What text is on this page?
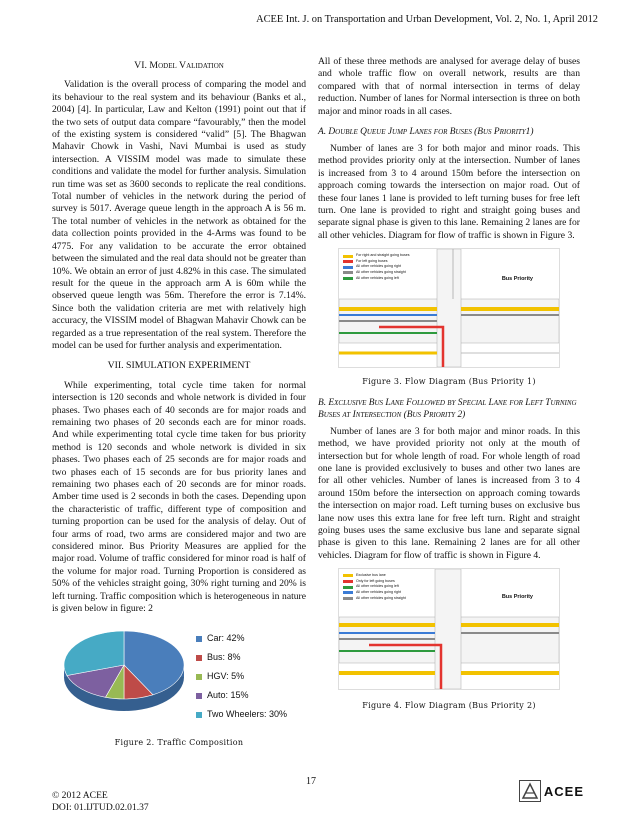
ACEE Int. J. on Transportation and Urban Development, Vol. 2, No. 1, April 2012
VI. Model Validation

Validation is the overall process of comparing the model and its behaviour to the real system and its behaviour (Banks et al., 2004) [4]. In particular, Law and Kelton (1991) point out that if the two sets of output data compare “favourably,” then the model of the existing system is considered “valid” [5]. The Bhagwan Mahavir Chowk in Vashi, Navi Mumbai is used as study intersection. A VISSIM model was made to simulate these conditions and validate the model for further analysis. Simulation run time was set as 3600 seconds to replicate the real conditions. Total number of vehicles in the network during the period of survey is 5017. Average queue length in the approach A is 56 m. The total number of vehicles in the network as obtained for the data collection points provided in the 4-Arms was found to be 4775. For any validation to be accurate the error obtained between the simulated and the real data should not be greater than 10%. We obtain an error of just 4.82% in this case. The simulated result for the queue in the approach arm A is 60m while the observed queue length was 56m. Therefore the error is 7.14%. Since both the validation criteria are met with relatively high accuracy, the VISSIM model of Bhagwan Mahavir Chowk can be regarded as a true representation of the real system. Therefore the model can be used for further analysis and experimentation.

VII. SIMULATION EXPERIMENT

While experimenting, total cycle time taken for normal intersection is 120 seconds and whole network is divided in four phases. Two phases each of 40 seconds are for major roads and remaining two phases of 20 seconds each are for minor roads. And while experimenting total cycle time taken for bus priority method is 120 seconds and whole network is divided in six phases. Two phases each of 25 seconds are for major roads and two phases each of 15 seconds are for bus priority lanes and remaining two phases each of 20 seconds are for minor roads. Amber time used is 2 seconds in both the cases. Depending upon the characteristic of traffic, different type of composition and turning proportion can be used for the analysis of delay. Out of four arms of road, two arms are considered major and two are considered minor. Bus Priority Measures are applied for the major road. Volume of traffic considered for minor road is half of the volume for major road. Turning Proportion is considered as 50% of the vehicles straight going, 30% right turning and 20% is left turning. Traffic composition which is heterogeneous in nature is given below in figure: 2

Car: 42%
Bus: 8%
HGV: 5%
Auto: 15%
Two Wheelers: 30%
Figure 2. Traffic Composition

All of these three methods are analysed for average delay of buses and whole traffic flow on overall network, results are than compared with that of normal intersection in terms of delay reduction. Number of lanes for Normal intersection is three on both major and minor roads in all cases.

A. Double Queue Jump Lanes for Buses (Bus Priority1)

Number of lanes are 3 for both major and minor roads. This method provides priority only at the intersection. Number of lanes is increased from 3 to 4 around 150m before the intersection on approach coming towards the intersection on major road. Out of these four lanes 1 lane is provided to left turning buses for free left turn. One lane is provided to right and straight going buses and separate signal phase is given to this lane. Remaining 2 lanes are for all other vehicles. Diagram for flow of traffic is shown in Figure 3.

For right and straight going buses
For left going buses
All other vehicles going right
All other vehicles going straight
All other vehicles going left	Bus Priority
Figure 3. Flow Diagram (Bus Priority 1)
B. Exclusive Bus Lane Followed by Special Lane for Left Turning Buses at Intersection (Bus Priority 2)

Number of lanes are 3 for both major and minor roads. In this method, we have provided priority not only at the mouth of intersection but for whole length of road. For whole length of road one lane is provided exclusively to buses and other two lanes are for all other vehicles. Number of lanes is increased from 3 to 4 around 150m before the intersection on approach coming towards the intersection on major road. Left turning buses on exclusive bus lane now uses this extra lane for free left turn. Right and straight going buses uses the same exclusive bus lane and separate signal phase is given to this lane. Remaining 2 lanes are for all other vehicles. Diagram for flow of traffic is shown in Figure 4.

Exclusive bus lane
Only for left going buses
All other vehicles going left
All other vehicles going right
All other vehicles going straight	Bus Priority
Figure 4. Flow Diagram (Bus Priority 2)
17
© 2012 ACEE
DOI: 01.IJTUD.02.01.37
ACEE
